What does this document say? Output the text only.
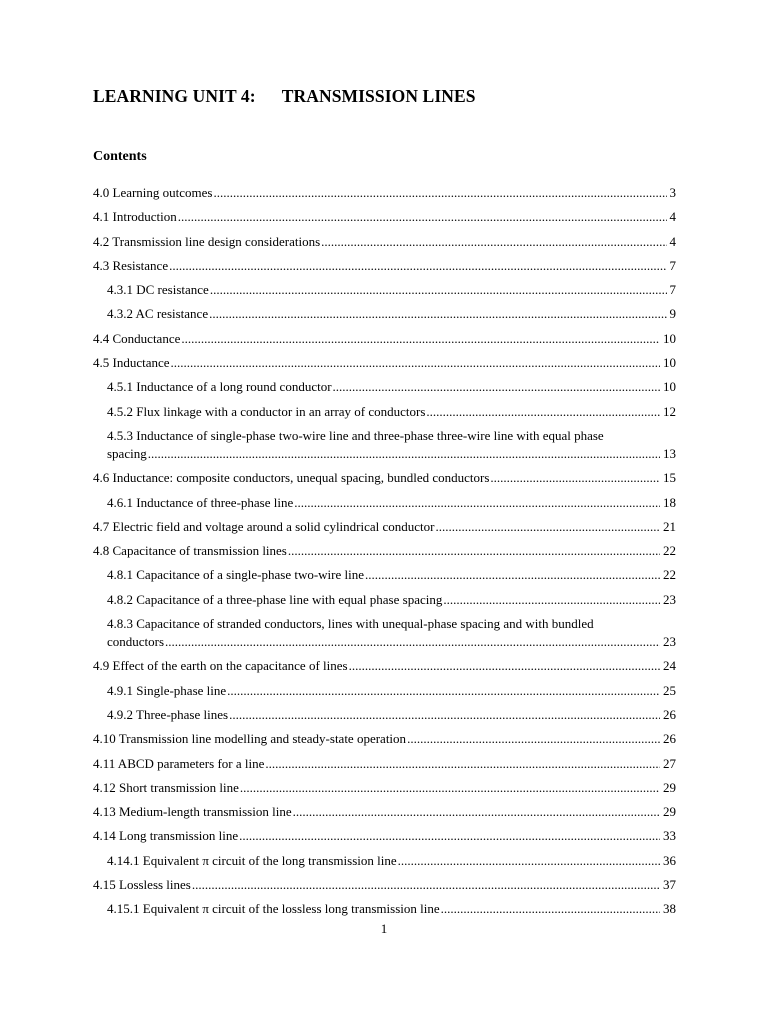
LEARNING UNIT 4: TRANSMISSION LINES
Contents
4.0 Learning outcomes .....	3
4.1 Introduction .....	4
4.2 Transmission line design considerations .....	4
4.3 Resistance .....	7
4.3.1 DC resistance .....	7
4.3.2 AC resistance .....	9
4.4 Conductance .....	10
4.5 Inductance .....	10
4.5.1 Inductance of a long round conductor .....	10
4.5.2 Flux linkage with a conductor in an array of conductors .....	12
4.5.3 Inductance of single-phase two-wire line and three-phase three-wire line with equal phase
spacing .....	13
4.6 Inductance: composite conductors, unequal spacing, bundled conductors .....	15
4.6.1 Inductance of three-phase line .....	18
4.7 Electric field and voltage around a solid cylindrical conductor .....	21
4.8 Capacitance of transmission lines .....	22
4.8.1 Capacitance of a single-phase two-wire line .....	22
4.8.2 Capacitance of a three-phase line with equal phase spacing .....	23
4.8.3 Capacitance of stranded conductors, lines with unequal-phase spacing and with bundled
conductors .....	23
4.9 Effect of the earth on the capacitance of lines .....	24
4.9.1 Single-phase line .....	25
4.9.2 Three-phase lines .....	26
4.10 Transmission line modelling and steady-state operation .....	26
4.11 ABCD parameters for a line .....	27
4.12 Short transmission line .....	29
4.13 Medium-length transmission line .....	29
4.14 Long transmission line .....	33
4.14.1 Equivalent π circuit of the long transmission line .....	36
4.15 Lossless lines .....	37
4.15.1 Equivalent π circuit of the lossless long transmission line .....	38
1
